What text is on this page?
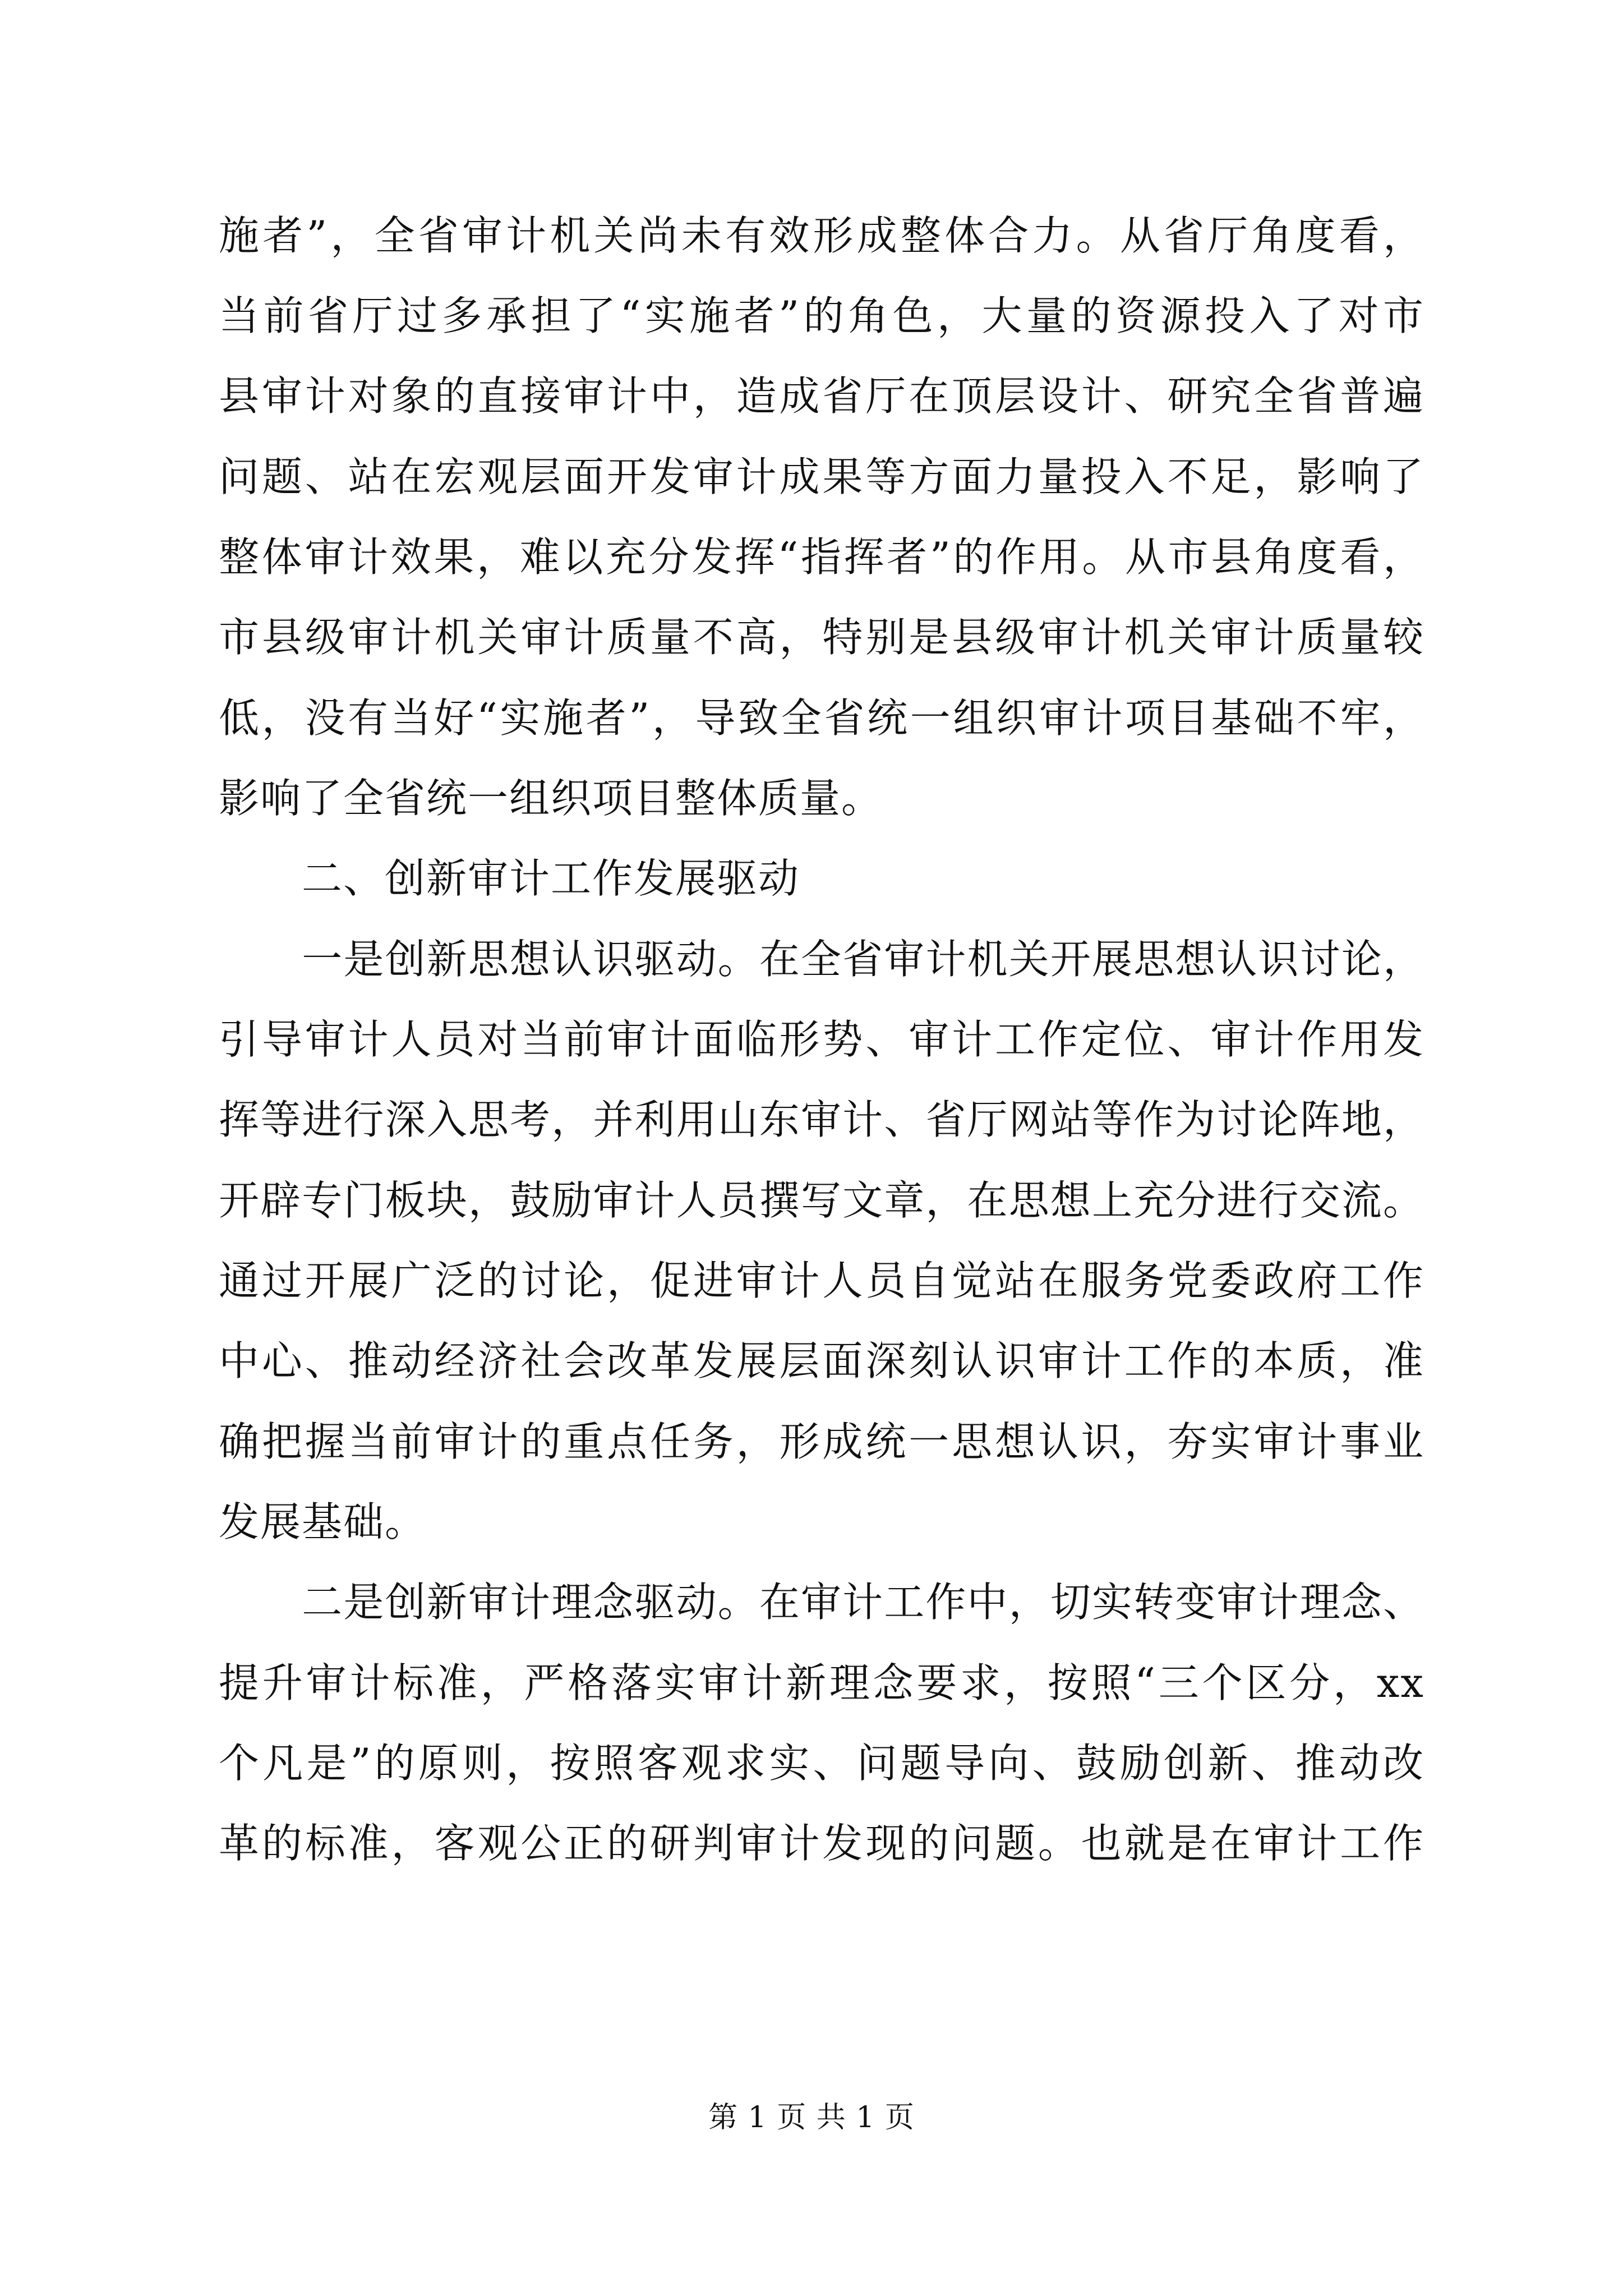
施者”，全省审计机关尚未有效形成整体合力。从省厅角度看，
当前省厅过多承担了“实施者”的角色，大量的资源投入了对市
县审计对象的直接审计中，造成省厅在顶层设计、研究全省普遍
问题、站在宏观层面开发审计成果等方面力量投入不足，影响了
整体审计效果，难以充分发挥“指挥者”的作用。从市县角度看，
市县级审计机关审计质量不高，特别是县级审计机关审计质量较
低，没有当好“实施者”，导致全省统一组织审计项目基础不牢，
影响了全省统一组织项目整体质量。
　　二、创新审计工作发展驱动
　　一是创新思想认识驱动。在全省审计机关开展思想认识讨论，
引导审计人员对当前审计面临形势、审计工作定位、审计作用发
挥等进行深入思考，并利用山东审计、省厅网站等作为讨论阵地，
开辟专门板块，鼓励审计人员撰写文章，在思想上充分进行交流。
通过开展广泛的讨论，促进审计人员自觉站在服务党委政府工作
中心、推动经济社会改革发展层面深刻认识审计工作的本质，准
确把握当前审计的重点任务，形成统一思想认识，夯实审计事业
发展基础。
　　二是创新审计理念驱动。在审计工作中，切实转变审计理念、
提升审计标准，严格落实审计新理念要求，按照“三个区分，xx
个凡是”的原则，按照客观求实、问题导向、鼓励创新、推动改
革的标准，客观公正的研判审计发现的问题。也就是在审计工作
第 1 页 共 1 页
